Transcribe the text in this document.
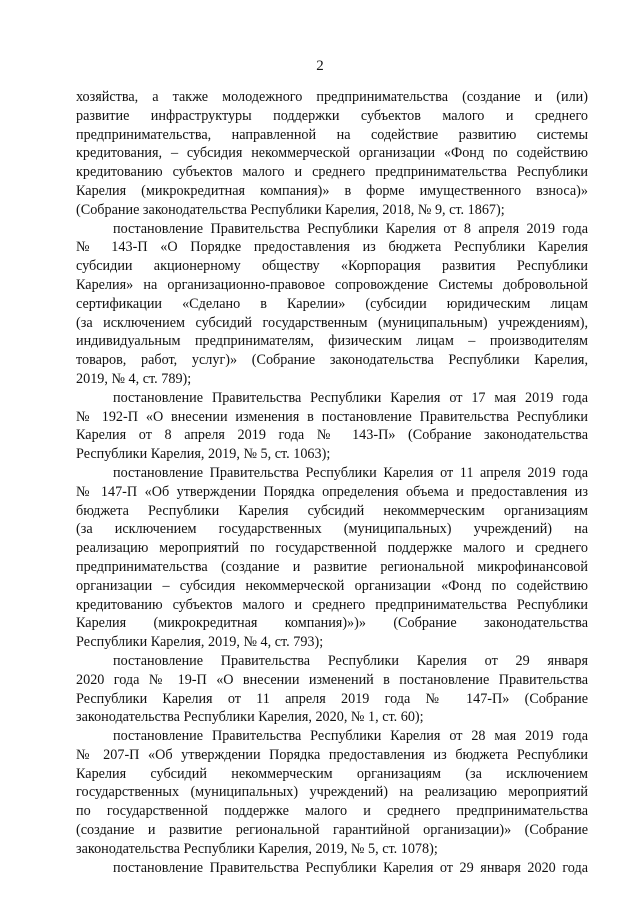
2
хозяйства, а также молодежного предпринимательства (создание и (или)
развитие инфраструктуры поддержки субъектов малого и среднего
предпринимательства, направленной на содействие развитию системы
кредитования, – субсидия некоммерческой организации «Фонд по содействию
кредитованию субъектов малого и среднего предпринимательства Республики
Карелия (микрокредитная компания)» в форме имущественного взноса)»
(Собрание законодательства Республики Карелия, 2018, № 9, ст. 1867);
постановление Правительства Республики Карелия от 8 апреля 2019 года
№ 143-П «О Порядке предоставления из бюджета Республики Карелия
субсидии акционерному обществу «Корпорация развития Республики
Карелия» на организационно-правовое сопровождение Системы добровольной
сертификации «Сделано в Карелии» (субсидии юридическим лицам
(за исключением субсидий государственным (муниципальным) учреждениям),
индивидуальным предпринимателям, физическим лицам – производителям
товаров, работ, услуг)» (Собрание законодательства Республики Карелия,
2019, № 4, ст. 789);
постановление Правительства Республики Карелия от 17 мая 2019 года
№ 192-П «О внесении изменения в постановление Правительства Республики
Карелия от 8 апреля 2019 года № 143-П» (Собрание законодательства
Республики Карелия, 2019, № 5, ст. 1063);
постановление Правительства Республики Карелия от 11 апреля 2019 года
№ 147-П «Об утверждении Порядка определения объема и предоставления из
бюджета Республики Карелия субсидий некоммерческим организациям
(за исключением государственных (муниципальных) учреждений) на
реализацию мероприятий по государственной поддержке малого и среднего
предпринимательства (создание и развитие региональной микрофинансовой
организации – субсидия некоммерческой организации «Фонд по содействию
кредитованию субъектов малого и среднего предпринимательства Республики
Карелия (микрокредитная компания)»)» (Собрание законодательства
Республики Карелия, 2019, № 4, ст. 793);
постановление Правительства Республики Карелия от 29 января
2020 года № 19-П «О внесении изменений в постановление Правительства
Республики Карелия от 11 апреля 2019 года № 147-П» (Собрание
законодательства Республики Карелия, 2020, № 1, ст. 60);
постановление Правительства Республики Карелия от 28 мая 2019 года
№ 207-П «Об утверждении Порядка предоставления из бюджета Республики
Карелия субсидий некоммерческим организациям (за исключением
государственных (муниципальных) учреждений) на реализацию мероприятий
по государственной поддержке малого и среднего предпринимательства
(создание и развитие региональной гарантийной организации)» (Собрание
законодательства Республики Карелия, 2019, № 5, ст. 1078);
постановление Правительства Республики Карелия от 29 января 2020 года
